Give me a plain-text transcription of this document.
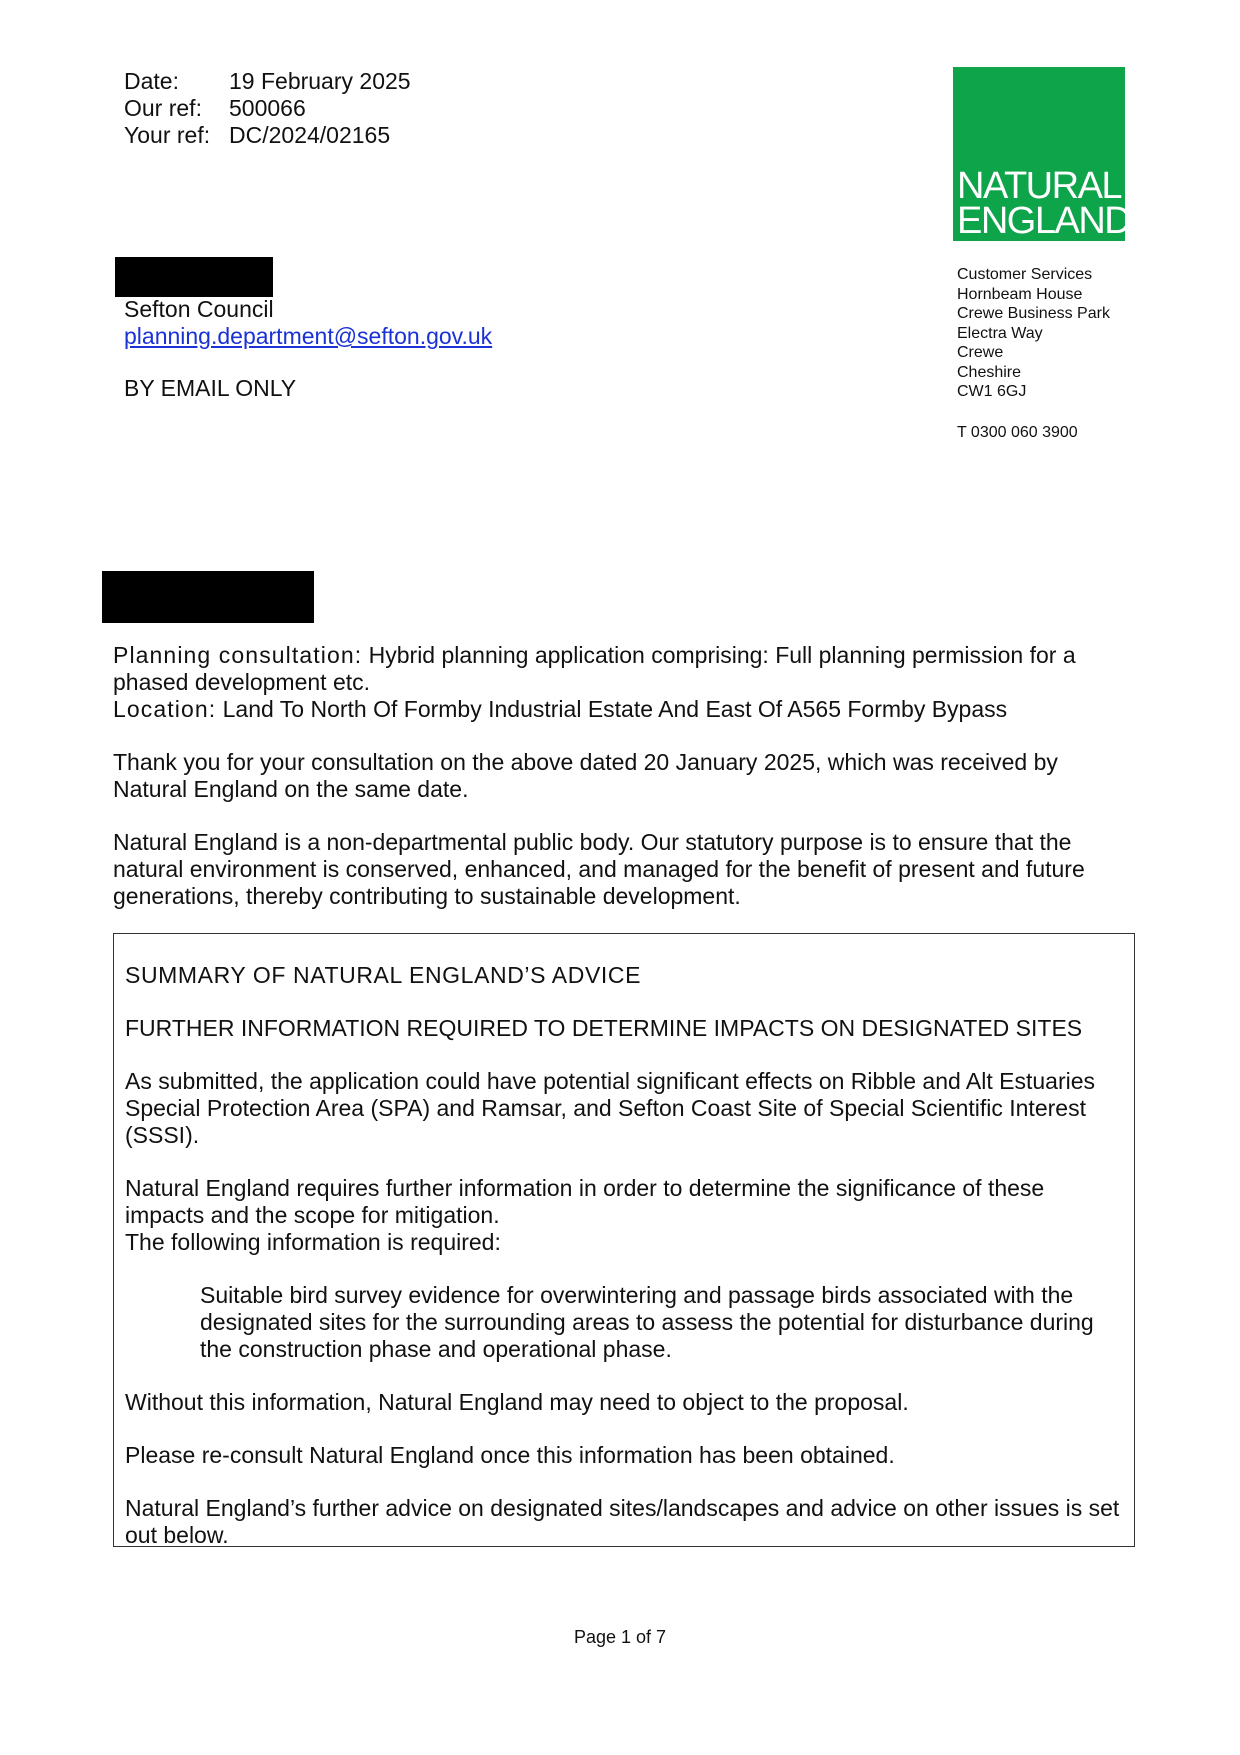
Date:	19 February 2025
Our ref:	500066
Your ref: DC/2024/02165
NATURAL
ENGLAND
Customer Services
Hornbeam House
Crewe Business Park
Electra Way
Crewe
Cheshire
CW1 6GJ
T 0300 060 3900
Sefton Council
planning.department@sefton.gov.uk
BY EMAIL ONLY
Planning consultation: Hybrid planning application comprising: Full planning permission for a phased development etc.
Location: Land To North Of Formby Industrial Estate And East Of A565 Formby Bypass

Thank you for your consultation on the above dated 20 January 2025, which was received by Natural England on the same date.

Natural England is a non-departmental public body. Our statutory purpose is to ensure that the natural environment is conserved, enhanced, and managed for the benefit of present and future generations, thereby contributing to sustainable development.

SUMMARY OF NATURAL ENGLAND’S ADVICE

FURTHER INFORMATION REQUIRED TO DETERMINE IMPACTS ON DESIGNATED SITES

As submitted, the application could have potential significant effects on Ribble and Alt Estuaries Special Protection Area (SPA) and Ramsar, and Sefton Coast Site of Special Scientific Interest (SSSI).

Natural England requires further information in order to determine the significance of these impacts and the scope for mitigation.
The following information is required:

Suitable bird survey evidence for overwintering and passage birds associated with the designated sites for the surrounding areas to assess the potential for disturbance during the construction phase and operational phase.

Without this information, Natural England may need to object to the proposal.

Please re-consult Natural England once this information has been obtained.

Natural England’s further advice on designated sites/landscapes and advice on other issues is set out below.

Page 1 of 7
